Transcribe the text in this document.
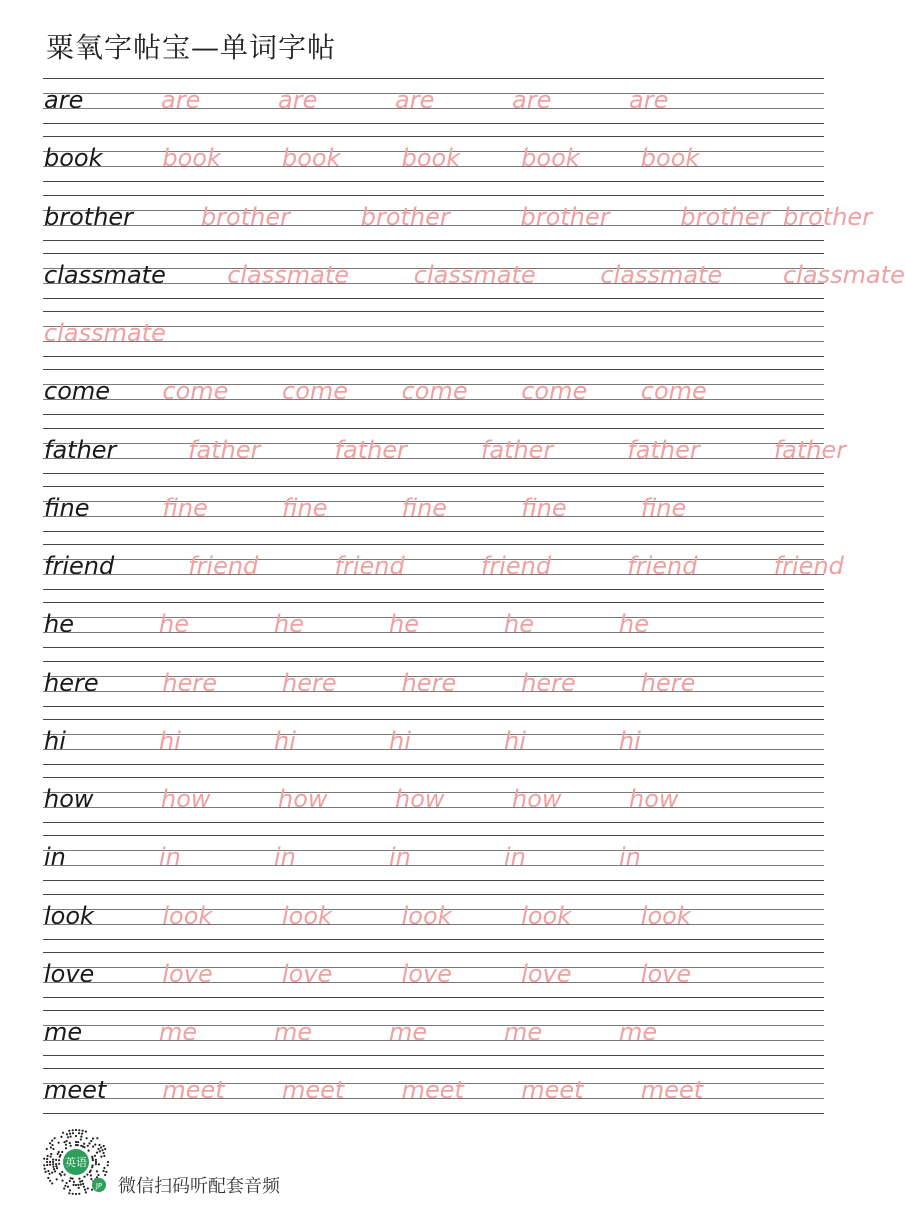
粟氧字帖宝—单词字帖
are	are	are	are	are	are
book book	book	book	book	book
brother	brother	brother	brother	brother brother
classmate	classmate	classmate	classmate	classmate
classmate
come come come come come come
father	father	father	father	father	father
fine	fine	fine	fine	fine	fine
friend	friend	friend	friend	friend	friend
he	he	he	he	he	he
here	here	here	here	here	here
hi	hi	hi	hi	hi	hi
how	how	how	how	how	how
in	in	in	in	in	in
look	look	look	look	look	look
love	love	love	love	love	love
me	me	me	me	me	me
meet meet meet meet meet meet
英语
JP 微信扫码听配套音频
